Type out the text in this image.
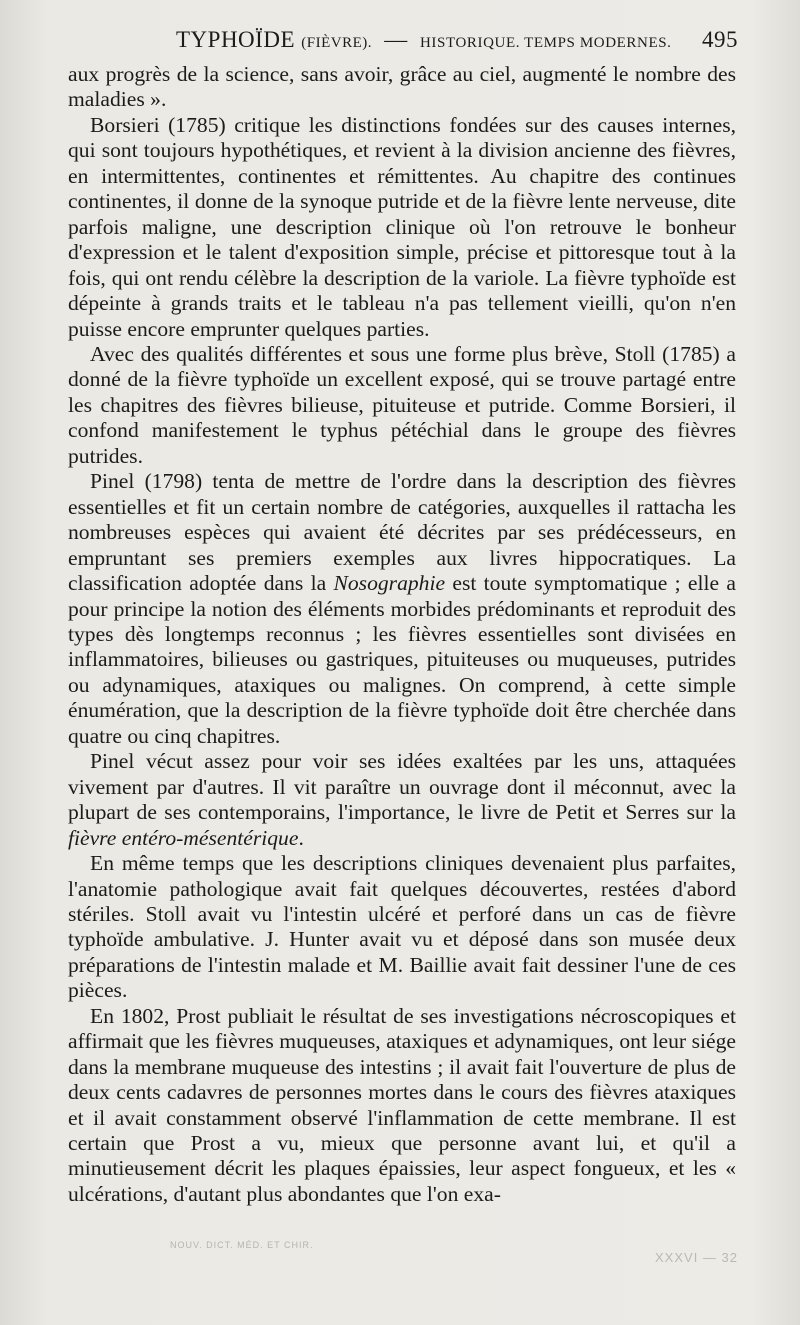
TYPHOÏDE (FIÈVRE). — HISTORIQUE. TEMPS MODERNES. 495

aux progrès de la science, sans avoir, grâce au ciel, augmenté le nombre des maladies ».

Borsieri (1785) critique les distinctions fondées sur des causes internes, qui sont toujours hypothétiques, et revient à la division ancienne des fièvres, en intermittentes, continentes et rémittentes. Au chapitre des continues continentes, il donne de la synoque putride et de la fièvre lente nerveuse, dite parfois maligne, une description clinique où l'on retrouve le bonheur d'expression et le talent d'exposition simple, précise et pittoresque tout à la fois, qui ont rendu célèbre la description de la variole. La fièvre typhoïde est dépeinte à grands traits et le tableau n'a pas tellement vieilli, qu'on n'en puisse encore emprunter quelques parties.

Avec des qualités différentes et sous une forme plus brève, Stoll (1785) a donné de la fièvre typhoïde un excellent exposé, qui se trouve partagé entre les chapitres des fièvres bilieuse, pituiteuse et putride. Comme Borsieri, il confond manifestement le typhus pétéchial dans le groupe des fièvres putrides.

Pinel (1798) tenta de mettre de l'ordre dans la description des fièvres essentielles et fit un certain nombre de catégories, auxquelles il rattacha les nombreuses espèces qui avaient été décrites par ses prédécesseurs, en empruntant ses premiers exemples aux livres hippocratiques. La classification adoptée dans la Nosographie est toute symptomatique ; elle a pour principe la notion des éléments morbides prédominants et reproduit des types dès longtemps reconnus ; les fièvres essentielles sont divisées en inflammatoires, bilieuses ou gastriques, pituiteuses ou muqueuses, putrides ou adynamiques, ataxiques ou malignes. On comprend, à cette simple énumération, que la description de la fièvre typhoïde doit être cherchée dans quatre ou cinq chapitres.

Pinel vécut assez pour voir ses idées exaltées par les uns, attaquées vivement par d'autres. Il vit paraître un ouvrage dont il méconnut, avec la plupart de ses contemporains, l'importance, le livre de Petit et Serres sur la fièvre entéro-mésentérique.

En même temps que les descriptions cliniques devenaient plus parfaites, l'anatomie pathologique avait fait quelques découvertes, restées d'abord stériles. Stoll avait vu l'intestin ulcéré et perforé dans un cas de fièvre typhoïde ambulative. J. Hunter avait vu et déposé dans son musée deux préparations de l'intestin malade et M. Baillie avait fait dessiner l'une de ces pièces.

En 1802, Prost publiait le résultat de ses investigations nécroscopiques et affirmait que les fièvres muqueuses, ataxiques et adynamiques, ont leur siége dans la membrane muqueuse des intestins ; il avait fait l'ouverture de plus de deux cents cadavres de personnes mortes dans le cours des fièvres ataxiques et il avait constamment observé l'inflammation de cette membrane. Il est certain que Prost a vu, mieux que personne avant lui, et qu'il a minutieusement décrit les plaques épaissies, leur aspect fongueux, et les « ulcérations, d'autant plus abondantes que l'on exa-

NOUV. DICT. MÉD. ET CHIR.
XXXVI — 32
